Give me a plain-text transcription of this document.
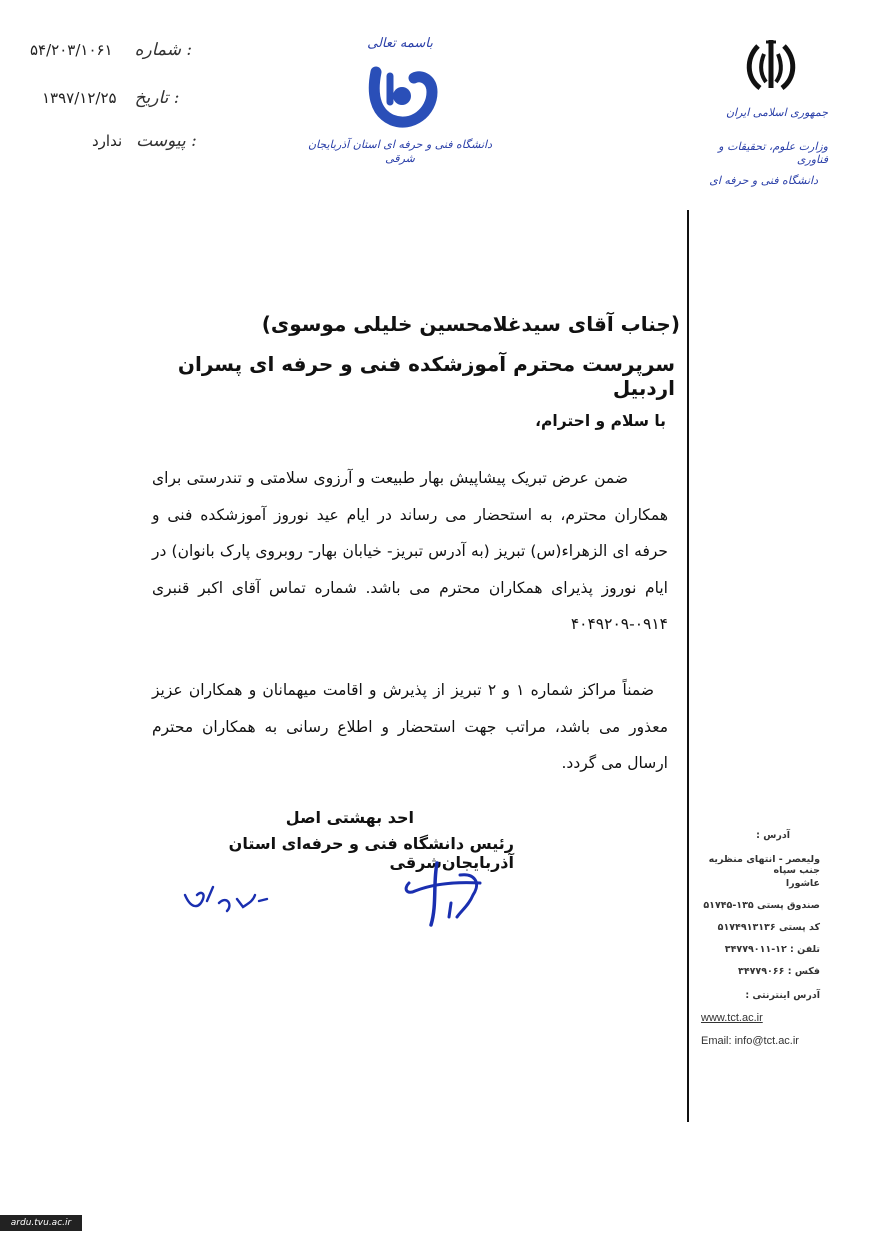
۵۴/۲۰۳/۱۰۶۱ شماره :
۱۳۹۷/۱۲/۲۵ تاریخ :
ندارد پیوست :
باسمه تعالی
دانشگاه فنی و حرفه ای استان آذربایجان شرقی
جمهوری اسلامی ایران
وزارت علوم، تحقیقات و فناوری
دانشگاه فنی و حرفه ای
(جناب آقای سیدغلامحسین خلیلی موسوی)
سرپرست محترم آموزشکده فنی و حرفه ای پسران اردبیل
با سلام و احترام،
ضمن عرض تبریک پیشاپیش بهار طبیعت و آرزوی سلامتی و تندرستی برای همکاران محترم، به استحضار می رساند در ایام عید نوروز آموزشکده فنی و حرفه ای الزهراء(س) تبریز (به آدرس تبریز- خیابان بهار- روبروی پارک بانوان) در ایام نوروز پذیرای همکاران محترم می باشد. شماره تماس آقای اکبر قنبری ۰۹۱۴-۴۰۴۹۲۰۹
ضمناً مراکز شماره ۱ و ۲ تبریز از پذیرش و اقامت میهمانان و همکاران عزیز معذور می باشد، مراتب جهت استحضار و اطلاع رسانی به همکاران محترم ارسال می گردد.
احد بهشتی اصل
رئیس دانشگاه فنی و حرفه‌ای استان آذربایجان‌شرقی
آدرس :
ولیعصر - انتهای منظریه جنب سپاه
عاشورا
صندوق پستی ۱۳۵-۵۱۷۴۵
کد پستی ۵۱۷۴۹۱۳۱۳۶
تلفن : ۱۲-۳۴۷۷۹۰۱۱
فکس : ۳۴۷۷۹۰۶۶
آدرس اینترنتی :
www.tct.ac.ir
Email: info@tct.ac.ir
ardu.tvu.ac.ir
